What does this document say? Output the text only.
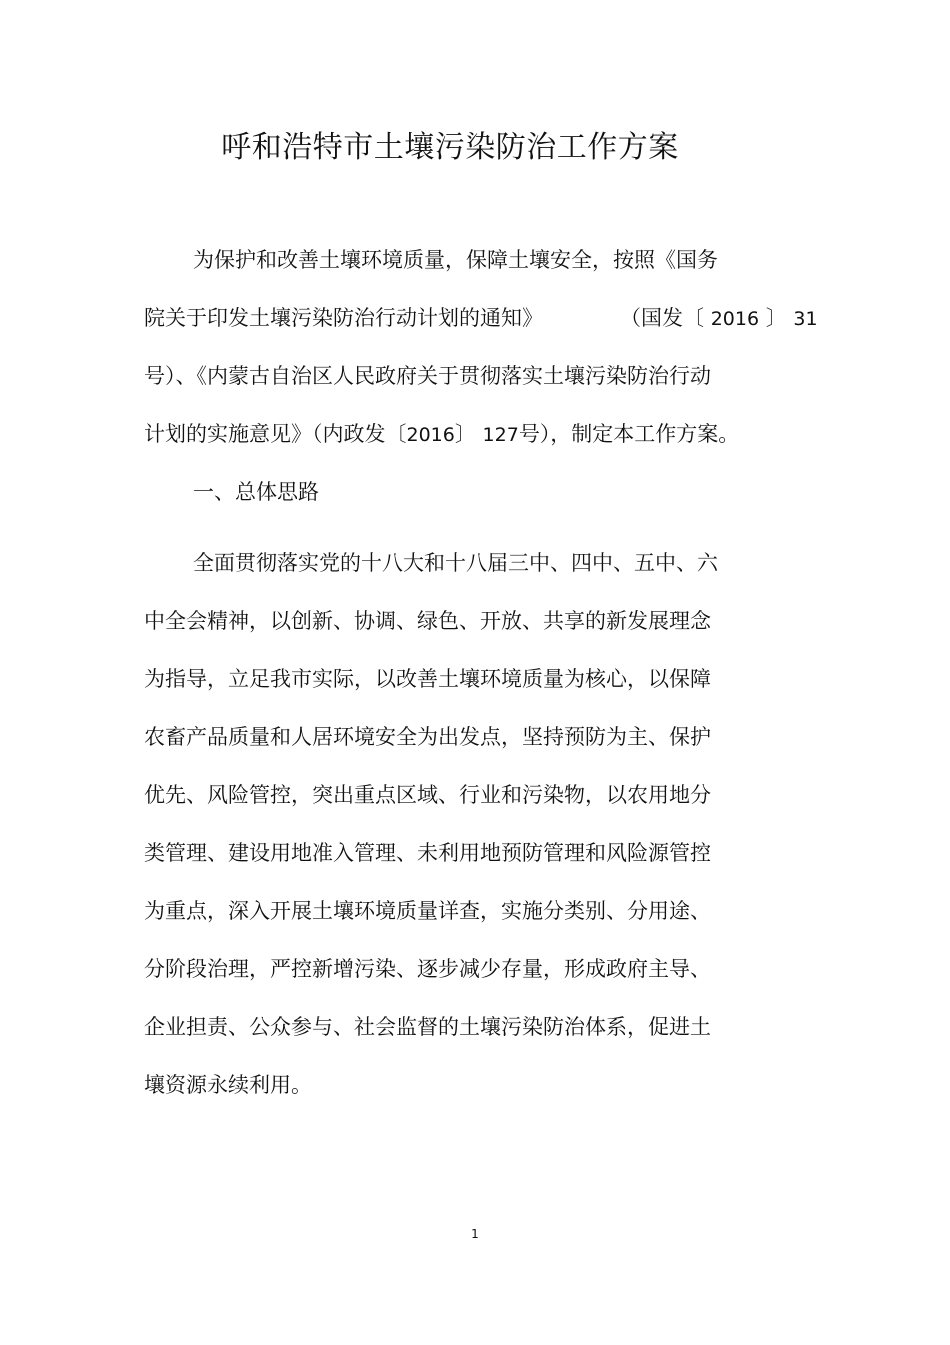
呼和浩特市土壤污染防治工作方案
为保护和改善土壤环境质量，保障土壤安全，按照《国务
院关于印发土壤污染防治行动计划的通知》	（国发〔 2016 〕 31
号）、《内蒙古自治区人民政府关于贯彻落实土壤污染防治行动
计划的实施意见》（内政发〔2016〕 127号），制定本工作方案。
一、总体思路
全面贯彻落实党的十八大和十八届三中、四中、五中、六
中全会精神，以创新、协调、绿色、开放、共享的新发展理念
为指导，立足我市实际，以改善土壤环境质量为核心，以保障
农畜产品质量和人居环境安全为出发点，坚持预防为主、保护
优先、风险管控，突出重点区域、行业和污染物，以农用地分
类管理、建设用地准入管理、未利用地预防管理和风险源管控
为重点，深入开展土壤环境质量详查，实施分类别、分用途、
分阶段治理，严控新增污染、逐步减少存量，形成政府主导、
企业担责、公众参与、社会监督的土壤污染防治体系，促进土
壤资源永续利用。
1
